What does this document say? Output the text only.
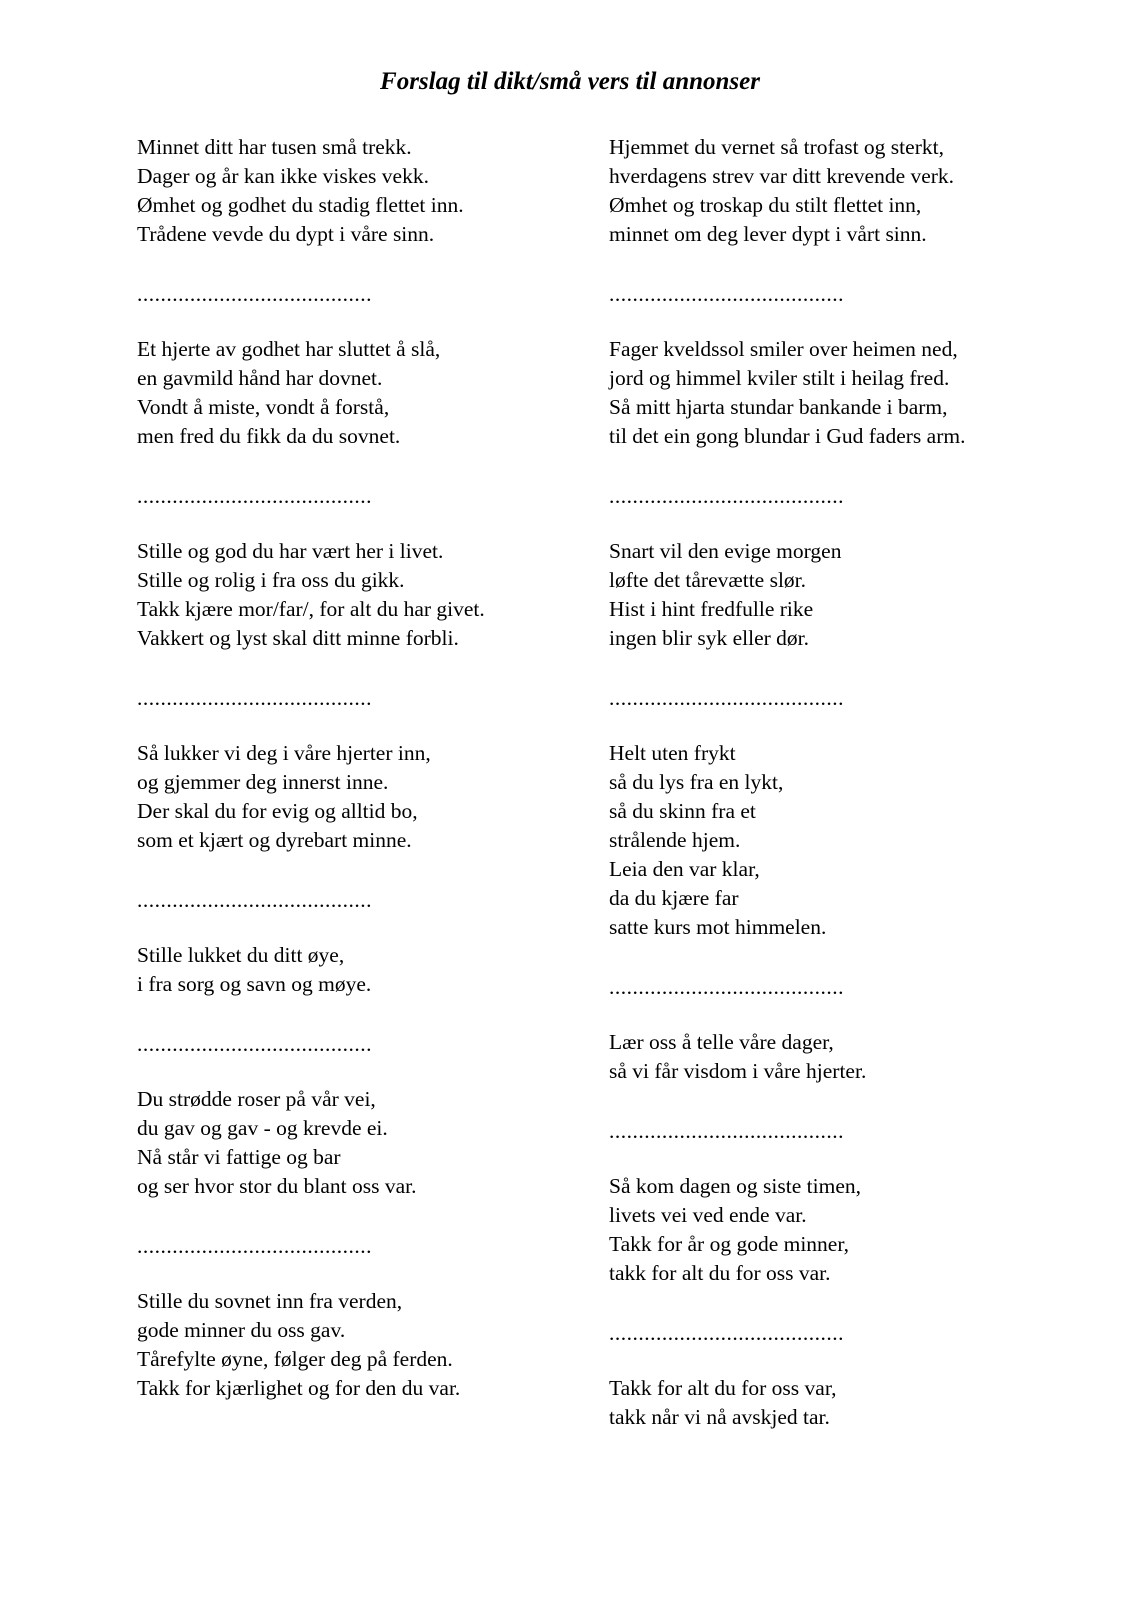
Forslag til dikt/små vers til annonser
Minnet ditt har tusen små trekk.
Dager og år kan ikke viskes vekk.
Ømhet og godhet du stadig flettet inn.
Trådene vevde du dypt i våre sinn.
........................................
Et hjerte av godhet har sluttet å slå,
en gavmild hånd har dovnet.
Vondt å miste, vondt å forstå,
men fred du fikk da du sovnet.
........................................
Stille og god du har vært her i livet.
Stille og rolig i fra oss du gikk.
Takk kjære mor/far/, for alt du har givet.
Vakkert og lyst skal ditt minne forbli.
........................................
Så lukker vi deg i våre hjerter inn,
og gjemmer deg innerst inne.
Der skal du for evig og alltid bo,
som et kjært og dyrebart minne.
........................................
Stille lukket du ditt øye,
i fra sorg og savn og møye.
........................................
Du strødde roser på vår vei,
du gav og gav - og krevde ei.
Nå står vi fattige og bar
og ser hvor stor du blant oss var.
........................................
Stille du sovnet inn fra verden,
gode minner du oss gav.
Tårefylte øyne, følger deg på ferden.
Takk for kjærlighet og for den du var.
Hjemmet du vernet så trofast og sterkt,
hverdagens strev var ditt krevende verk.
Ømhet og troskap du stilt flettet inn,
minnet om deg lever dypt i vårt sinn.
........................................
Fager kveldssol smiler over heimen ned,
jord og himmel kviler stilt i heilag fred.
Så mitt hjarta stundar bankande i barm,
til det ein gong blundar i Gud faders arm.
........................................
Snart vil den evige morgen
løfte det tårevætte slør.
Hist i hint fredfulle rike
ingen blir syk eller dør.
........................................
Helt uten frykt
så du lys fra en lykt,
så du skinn fra et
strålende hjem.
Leia den var klar,
da du kjære far
satte kurs mot himmelen.
........................................
Lær oss å telle våre dager,
så vi får visdom i våre hjerter.
........................................
Så kom dagen og siste timen,
livets vei ved ende var.
Takk for år og gode minner,
takk for alt du for oss var.
........................................
Takk for alt du for oss var,
takk når vi nå avskjed tar.
